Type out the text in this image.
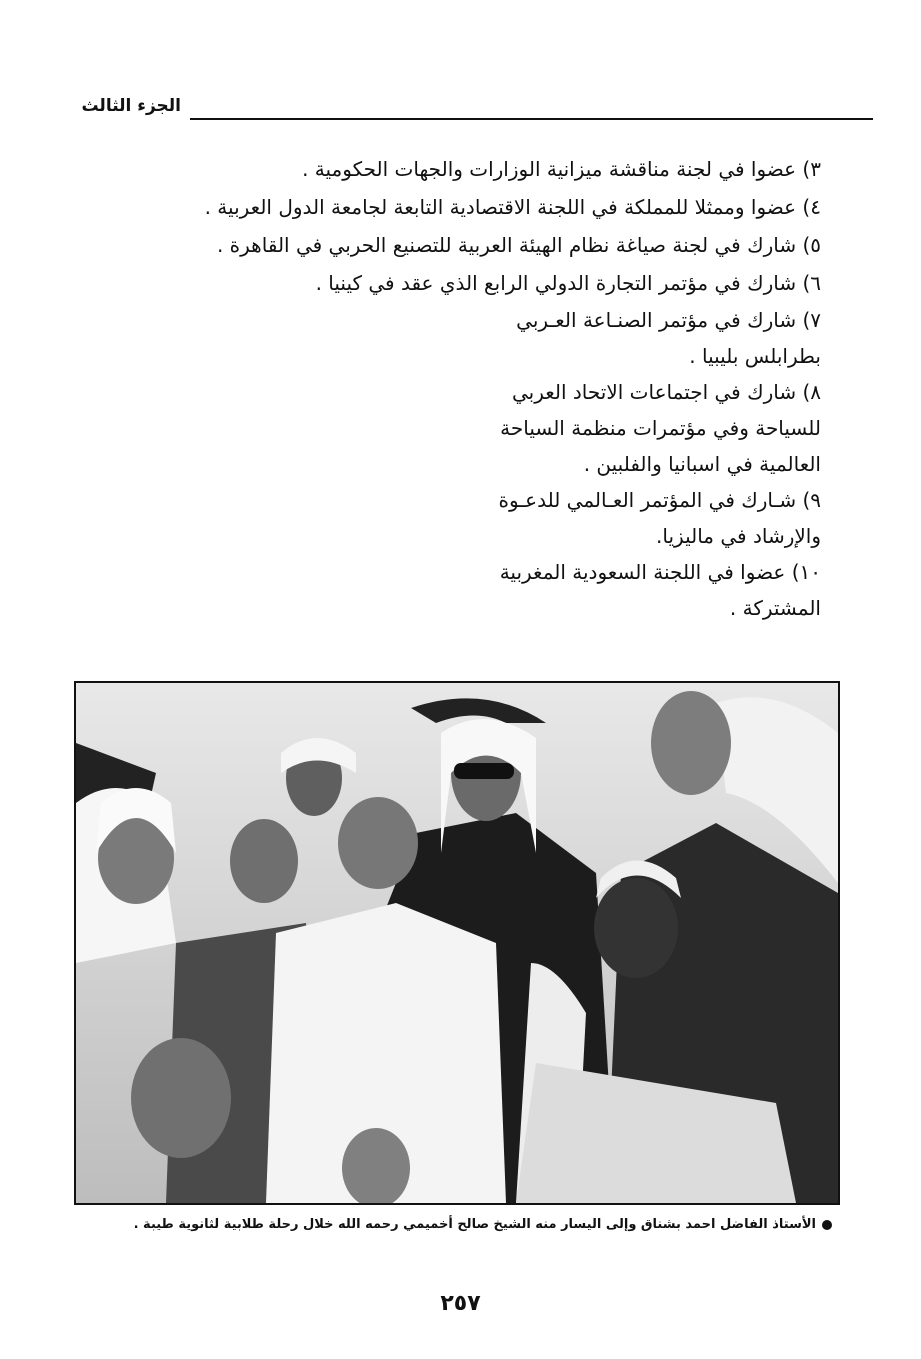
الجزء الثالث
٣) عضوا في لجنة مناقشة ميزانية الوزارات والجهات الحكومية .
٤) عضوا وممثلا للمملكة في اللجنة الاقتصادية التابعة لجامعة الدول العربية .
٥) شارك في لجنة صياغة نظام الهيئة العربية للتصنيع الحربي في القاهرة .
٦) شارك في مؤتمر التجارة الدولي الرابع الذي عقد في كينيا .
٧) شارك في مؤتمر الصنـاعة العـربي
بطرابلس بليبيا .
٨) شارك في اجتماعات الاتحاد العربي
للسياحة وفي مؤتمرات منظمة السياحة
العالمية في اسبانيا والفلبين .
٩) شـارك في المؤتمر العـالمي للدعـوة
والإرشاد في ماليزيا.
١٠) عضوا في اللجنة السعودية المغربية
المشتركة .
الأستاذ الفاضل احمد بشناق وإلى اليسار منه الشيخ صالح أخميمي رحمه الله خلال رحلة طلابية لثانوية طيبة .
٢٥٧
